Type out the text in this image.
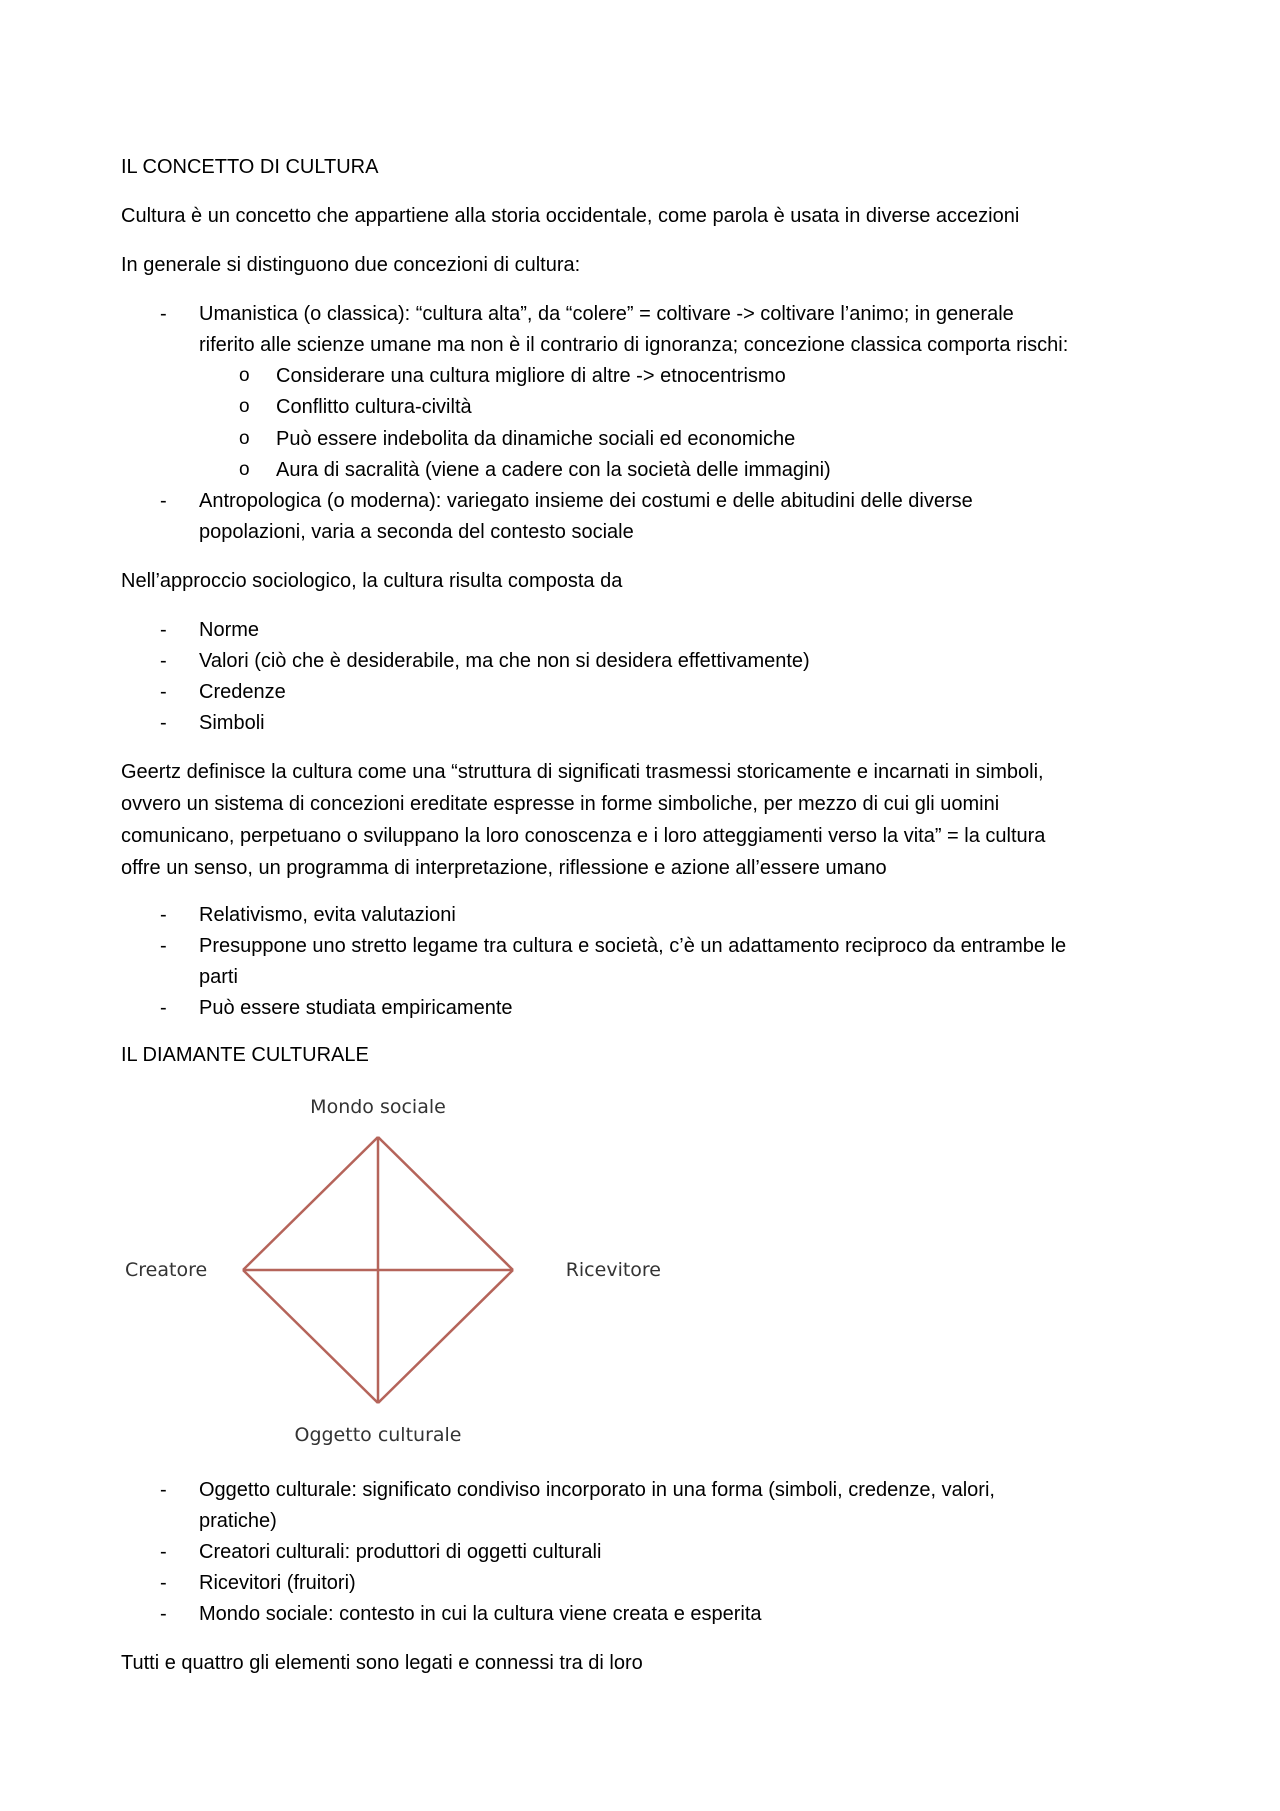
IL CONCETTO DI CULTURA
Cultura è un concetto che appartiene alla storia occidentale, come parola è usata in diverse accezioni
In generale si distinguono due concezioni di cultura:
-	Umanistica (o classica): “cultura alta”, da “colere” = coltivare -> coltivare l’animo; in generale
riferito alle scienze umane ma non è il contrario di ignoranza; concezione classica comporta rischi:
o Considerare una cultura migliore di altre -> etnocentrismo
o Conflitto cultura-civiltà
o Può essere indebolita da dinamiche sociali ed economiche
o Aura di sacralità (viene a cadere con la società delle immagini)
-	Antropologica (o moderna): variegato insieme dei costumi e delle abitudini delle diverse
popolazioni, varia a seconda del contesto sociale
Nell’approccio sociologico, la cultura risulta composta da
-	Norme
-	Valori (ciò che è desiderabile, ma che non si desidera effettivamente)
-	Credenze
-	Simboli
Geertz definisce la cultura come una “struttura di significati trasmessi storicamente e incarnati in simboli,
ovvero un sistema di concezioni ereditate espresse in forme simboliche, per mezzo di cui gli uomini
comunicano, perpetuano o sviluppano la loro conoscenza e i loro atteggiamenti verso la vita” = la cultura
offre un senso, un programma di interpretazione, riflessione e azione all’essere umano
-	Relativismo, evita valutazioni
-	Presuppone uno stretto legame tra cultura e società, c’è un adattamento reciproco da entrambe le
parti
-	Può essere studiata empiricamente
IL DIAMANTE CULTURALE
Mondo sociale
Creatore	Ricevitore
Oggetto culturale
-	Oggetto culturale: significato condiviso incorporato in una forma (simboli, credenze, valori,
pratiche)
-	Creatori culturali: produttori di oggetti culturali
-	Ricevitori (fruitori)
-	Mondo sociale: contesto in cui la cultura viene creata e esperita
Tutti e quattro gli elementi sono legati e connessi tra di loro
